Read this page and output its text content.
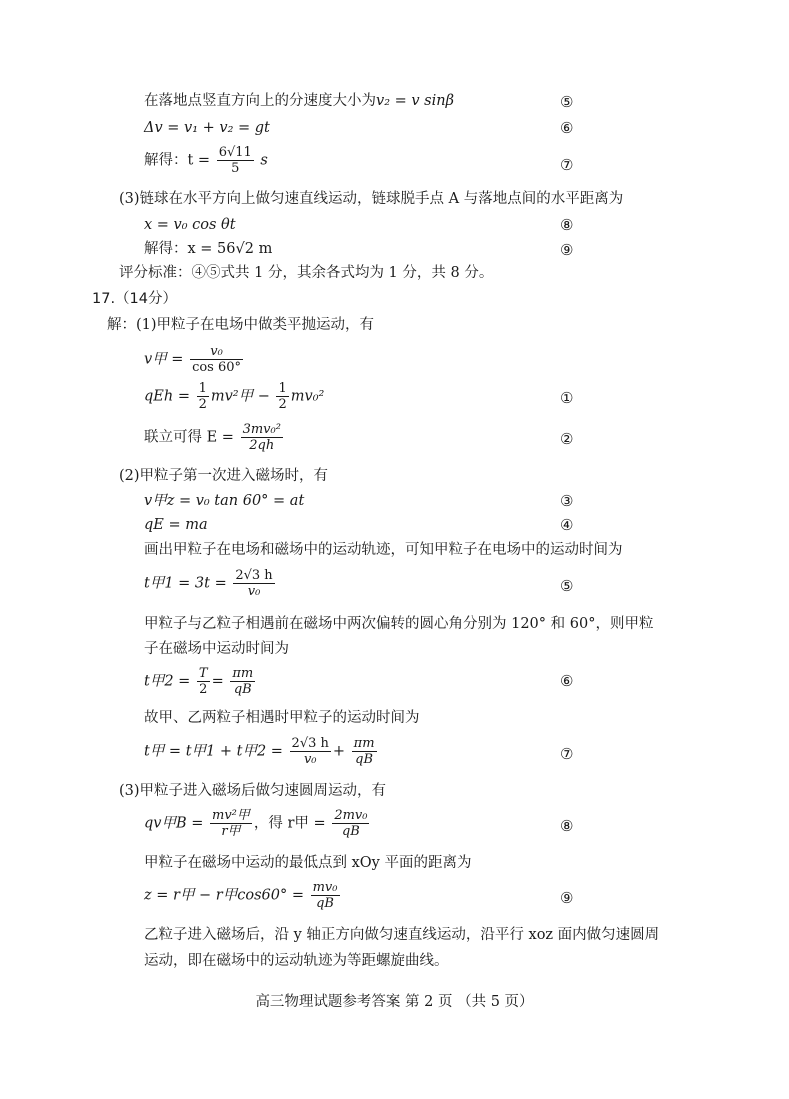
在落地点竖直方向上的分速度大小为v₂ = v sinβ	⑤
Δv = v₁ + v₂ = gt	⑥
解得：$t = \frac{6√11}{5}$ s	⑦
(3)链球在水平方向上做匀速直线运动，链球脱手点 A 与落地点间的水平距离为
x = v₀ cos θt	⑧
解得：x = 56√2 m	⑨
评分标准：④⑤式共 1 分，其余各式均为 1 分，共 8 分。
17.（14分）
解：(1)甲粒子在电场中做类平抛运动，有
v甲 = $\frac{\text{v₀}}{\cos 60^\circ}$
qEh = $\frac{1}{2} mv^2$甲 − $\frac{1}{2} mv_0^2$	①
联立可得 $E = \frac{\text{3mv₀²}}{2qh}$	②
(2)甲粒子第一次进入磁场时，有
v甲z = v₀ tan 60° = at	③
qE = ma	④
画出甲粒子在电场和磁场中的运动轨迹，可知甲粒子在电场中的运动时间为
t甲$1 = 3t = \frac{2√3 h}{\text{v₀}}$	⑤
甲粒子与乙粒子相遇前在磁场中两次偏转的圆心角分别为 120° 和 60°，则甲粒
子在磁场中运动时间为
t甲$2 = \frac{T}{2} = \frac{\pi m}{qB}$	⑥
故甲、乙两粒子相遇时甲粒子的运动时间为
t甲 = t甲1 + t甲$2 = \frac{2√3 h}{\text{v₀}} + \frac{\pi m}{qB}$	⑦
(3)甲粒子进入磁场后做匀速圆周运动，有
qv甲$B = \frac{\text{mv²甲}}{\text{r甲}}$ ，得 r甲 = $\frac{\text{2mv₀}}{qB}$	⑧
甲粒子在磁场中运动的最低点到 xOy 平面的距离为
z = r甲 − r甲$\cos 60^\circ = \frac{\text{mv₀}}{qB}$	⑨
乙粒子进入磁场后，沿 y 轴正方向做匀速直线运动，沿平行 xoz 面内做匀速圆周
运动，即在磁场中的运动轨迹为等距螺旋曲线。
高三物理试题参考答案 第 2 页 （共 5 页）
